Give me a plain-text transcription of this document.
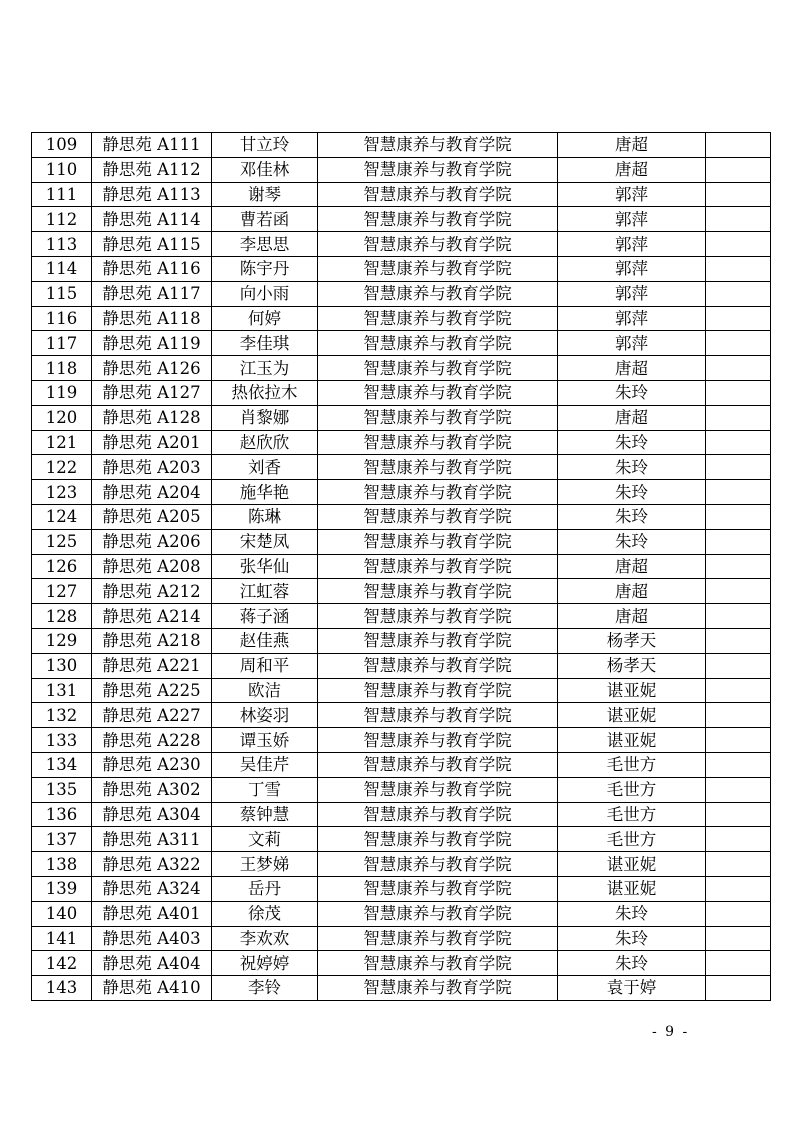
109	静思苑 A111	甘立玲	智慧康养与教育学院	唐超	
110	静思苑 A112	邓佳林	智慧康养与教育学院	唐超	
111	静思苑 A113	谢琴	智慧康养与教育学院	郭萍	
112	静思苑 A114	曹若函	智慧康养与教育学院	郭萍	
113	静思苑 A115	李思思	智慧康养与教育学院	郭萍	
114	静思苑 A116	陈宇丹	智慧康养与教育学院	郭萍	
115	静思苑 A117	向小雨	智慧康养与教育学院	郭萍	
116	静思苑 A118	何婷	智慧康养与教育学院	郭萍	
117	静思苑 A119	李佳琪	智慧康养与教育学院	郭萍	
118	静思苑 A126	江玉为	智慧康养与教育学院	唐超	
119	静思苑 A127	热依拉木	智慧康养与教育学院	朱玲	
120	静思苑 A128	肖黎娜	智慧康养与教育学院	唐超	
121	静思苑 A201	赵欣欣	智慧康养与教育学院	朱玲	
122	静思苑 A203	刘香	智慧康养与教育学院	朱玲	
123	静思苑 A204	施华艳	智慧康养与教育学院	朱玲	
124	静思苑 A205	陈琳	智慧康养与教育学院	朱玲	
125	静思苑 A206	宋楚凤	智慧康养与教育学院	朱玲	
126	静思苑 A208	张华仙	智慧康养与教育学院	唐超	
127	静思苑 A212	江虹蓉	智慧康养与教育学院	唐超	
128	静思苑 A214	蒋子涵	智慧康养与教育学院	唐超	
129	静思苑 A218	赵佳燕	智慧康养与教育学院	杨孝天	
130	静思苑 A221	周和平	智慧康养与教育学院	杨孝天	
131	静思苑 A225	欧洁	智慧康养与教育学院	谌亚妮	
132	静思苑 A227	林姿羽	智慧康养与教育学院	谌亚妮	
133	静思苑 A228	谭玉娇	智慧康养与教育学院	谌亚妮	
134	静思苑 A230	吴佳芹	智慧康养与教育学院	毛世方	
135	静思苑 A302	丁雪	智慧康养与教育学院	毛世方	
136	静思苑 A304	蔡钟慧	智慧康养与教育学院	毛世方	
137	静思苑 A311	文莉	智慧康养与教育学院	毛世方	
138	静思苑 A322	王梦娣	智慧康养与教育学院	谌亚妮	
139	静思苑 A324	岳丹	智慧康养与教育学院	谌亚妮	
140	静思苑 A401	徐茂	智慧康养与教育学院	朱玲	
141	静思苑 A403	李欢欢	智慧康养与教育学院	朱玲	
142	静思苑 A404	祝婷婷	智慧康养与教育学院	朱玲	
143	静思苑 A410	李铃	智慧康养与教育学院	袁于婷	
- 9 -
